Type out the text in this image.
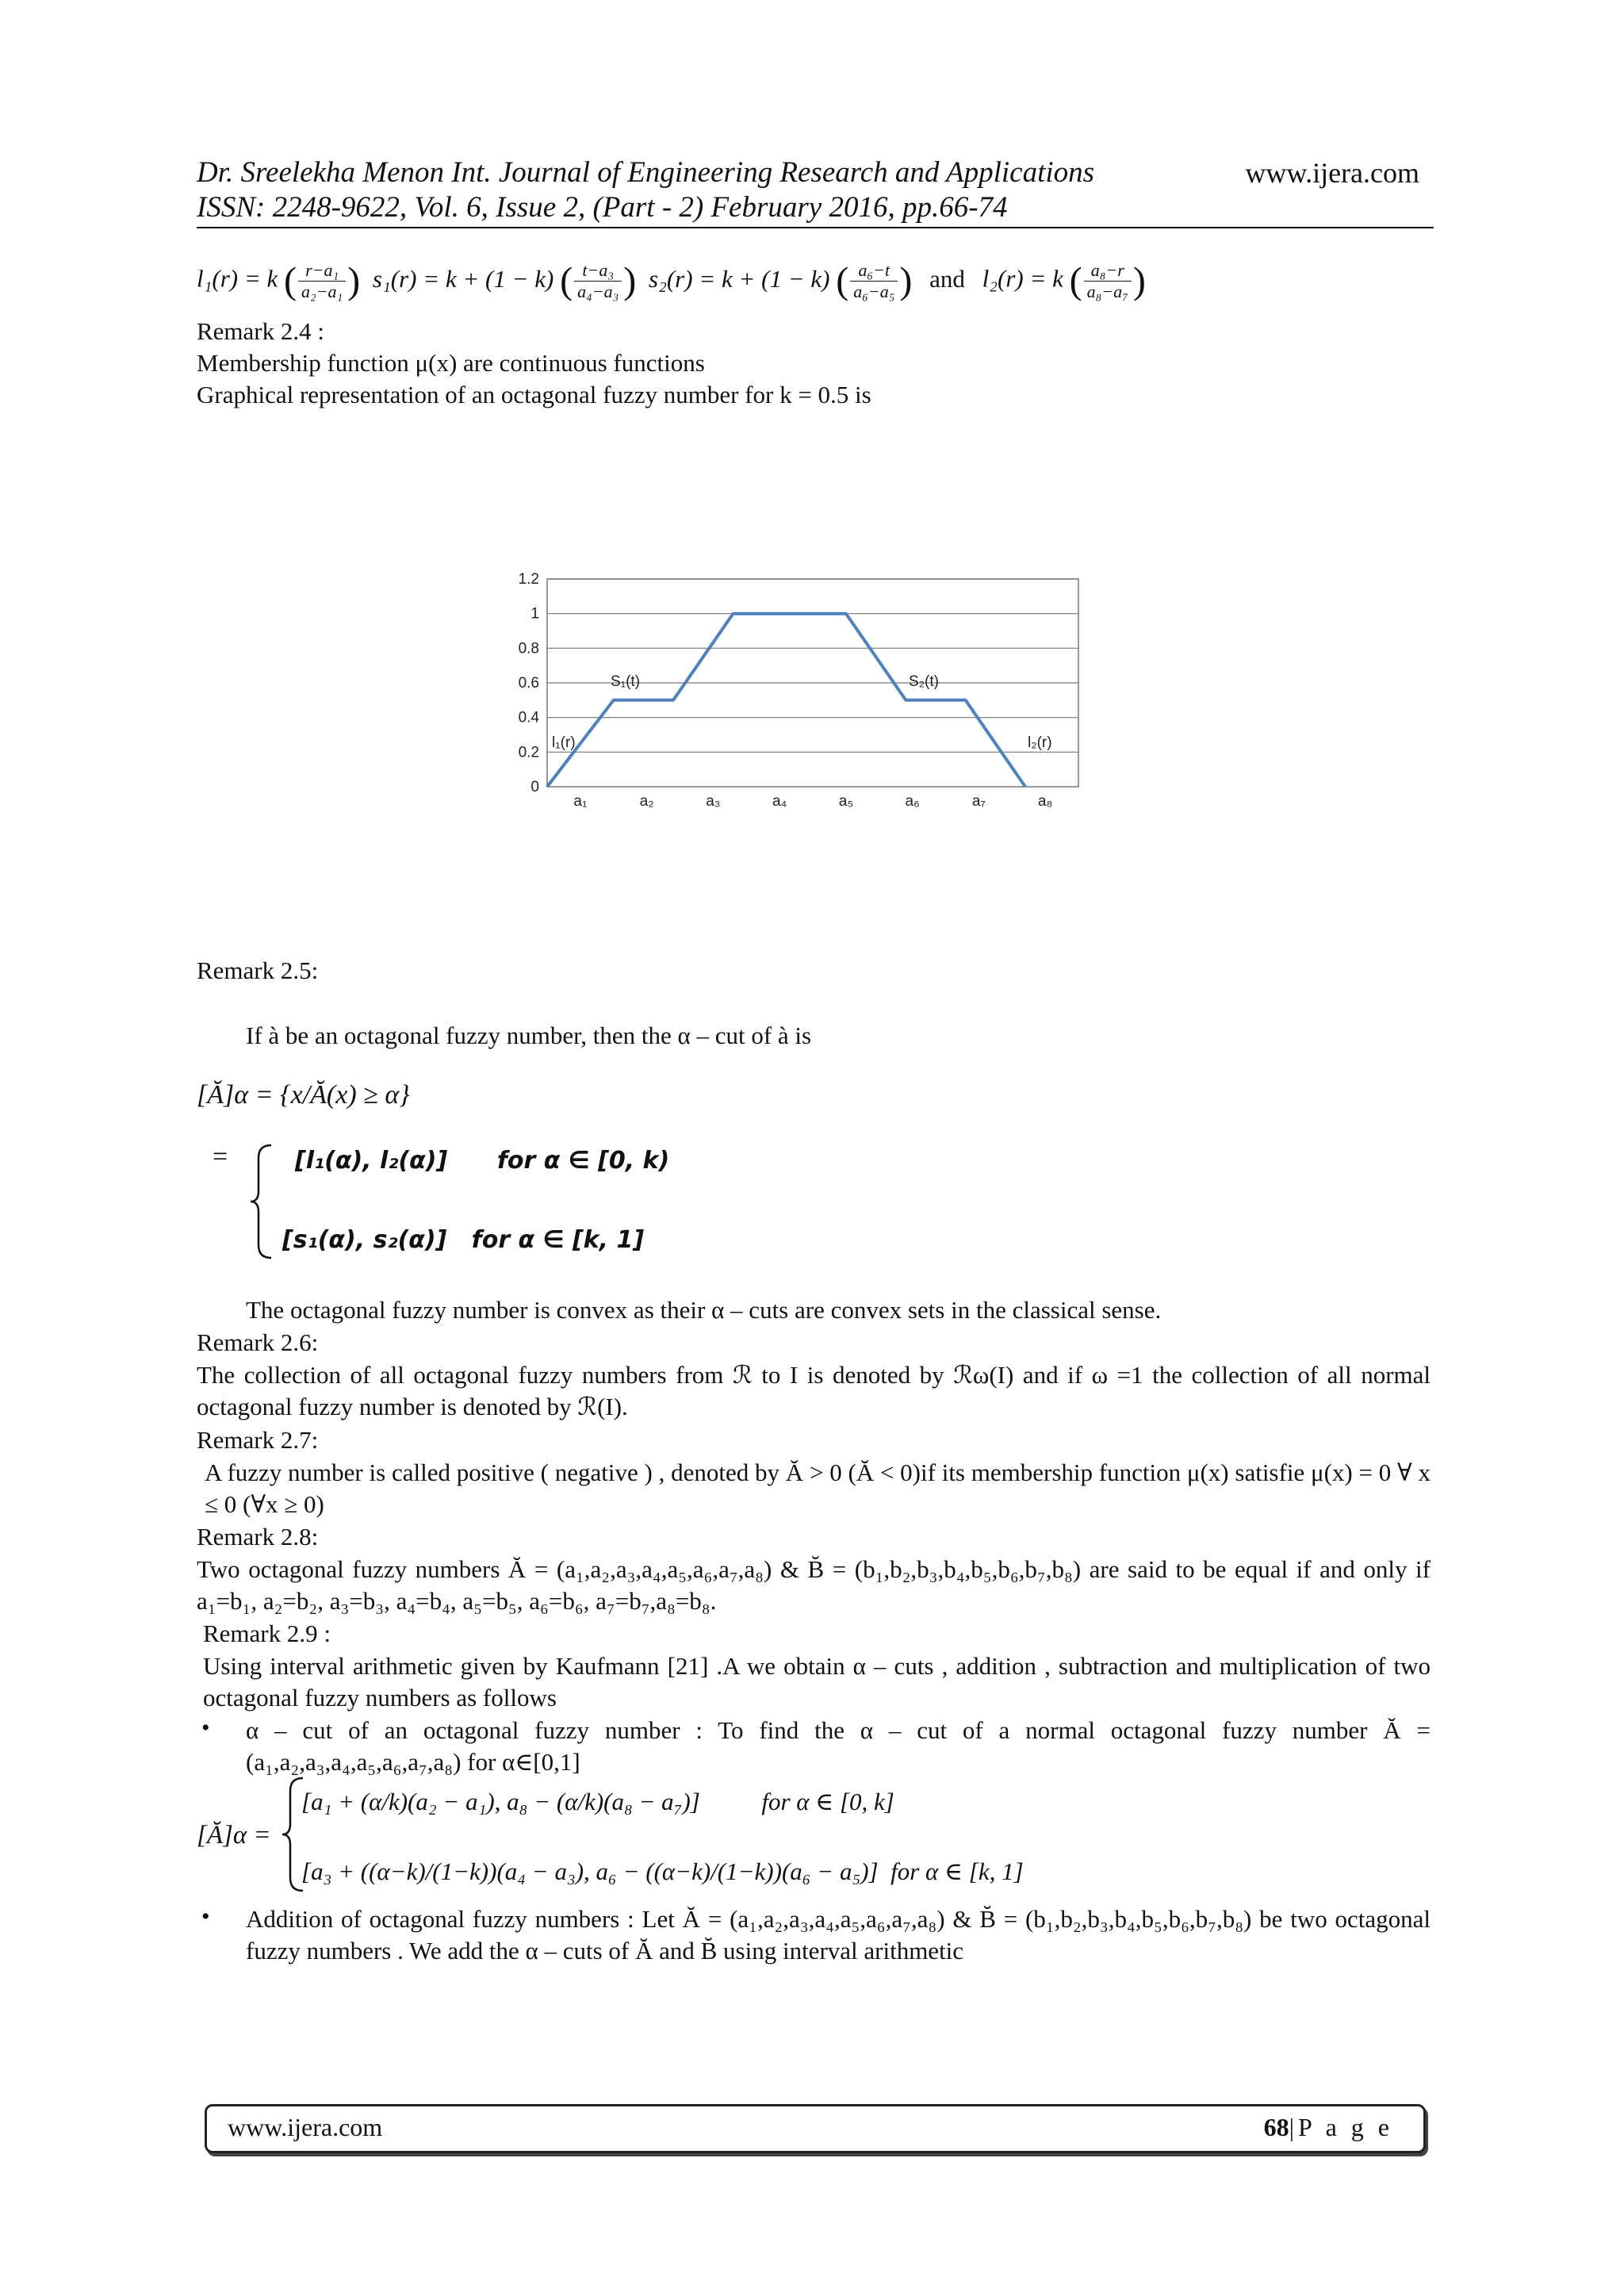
Dr. Sreelekha Menon Int. Journal of Engineering Research and Applications
ISSN: 2248-9622, Vol. 6, Issue 2, (Part - 2) February 2016, pp.66-74
www.ijera.com
l₁(r) = k ( $\frac{\text{r−a₁}}{\text{a₂−a₁}}$ ) s₁(r) = k + (1 − k) ( $\frac{\text{t−a₃}}{\text{a₄−a₃}}$ ) s₂(r) = k + (1 − k) ( $\frac{\text{a₆−t}}{\text{a₆−a₅}}$ ) and l₂(r) = k ( $\frac{\text{a₈−r}}{\text{a₈−a₇}}$ )
Remark 2.4 :
Membership function μ(x) are continuous functions
Graphical representation of an octagonal fuzzy number for k = 0.5 is
0
0.2
0.4
0.6
0.8
1
1.2
a₁	a₂	a₃	a₄	a₅	a₆	a₇	a₈
l₁(r)
S₁(t)	S₂(t)
l₂(r)
Remark 2.5:
If à be an octagonal fuzzy number, then the α – cut of à is
[Ă]α = {x/Ă(x) ≥ α}
=	[l₁(α), l₂(α)]      for α ∈ [0, k)
[s₁(α), s₂(α)]   for α ∈ [k, 1]
The octagonal fuzzy number is convex as their α – cuts are convex sets in the classical sense.
Remark 2.6:
The collection of all octagonal fuzzy numbers from ℛ to I is denoted by ℛω(I) and if ω =1 the collection of all normal octagonal fuzzy number is denoted by ℛ(I).
Remark 2.7:
A fuzzy number is called positive ( negative ) , denoted by Ă > 0 (Ă < 0)if its membership function μ(x) satisfie μ(x) = 0 ∀ x ≤ 0 (∀x ≥ 0)
Remark 2.8:
Two octagonal fuzzy numbers Ă = (a₁,a₂,a₃,a₄,a₅,a₆,a₇,a₈) & B̆ = (b₁,b₂,b₃,b₄,b₅,b₆,b₇,b₈) are said to be equal if and only if a₁=b₁, a₂=b₂, a₃=b₃, a₄=b₄, a₅=b₅, a₆=b₆, a₇=b₇,a₈=b₈.
Remark 2.9 :
Using interval arithmetic given by Kaufmann [21] .A we obtain α – cuts , addition , subtraction and multiplication of two octagonal fuzzy numbers as follows
• α – cut of an octagonal fuzzy number : To find the α – cut of a normal octagonal fuzzy number Ă = (a₁,a₂,a₃,a₄,a₅,a₆,a₇,a₈) for α∈[0,1]
[Ă]α =
[a₁ + (α/k)(a₂ − a₁), a₈ − (α/k)(a₈ − a₇)]          for α ∈ [0, k]
[a₃ + ((α−k)/(1−k))(a₄ − a₃), a₆ − ((α−k)/(1−k))(a₆ − a₅)]  for α ∈ [k, 1]
• Addition of octagonal fuzzy numbers : Let Ă = (a₁,a₂,a₃,a₄,a₅,a₆,a₇,a₈) & B̆ = (b₁,b₂,b₃,b₄,b₅,b₆,b₇,b₈) be two octagonal fuzzy numbers . We add the α – cuts of Ă and B̆ using interval arithmetic
www.ijera.com	68|P a g e
